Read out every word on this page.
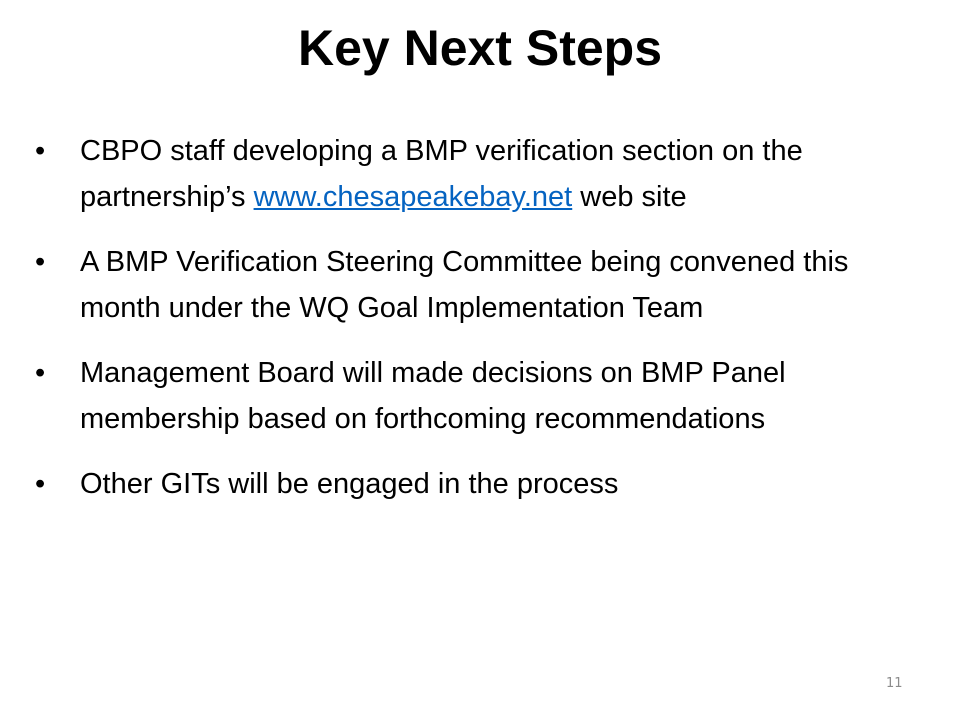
Key Next Steps
• CBPO staff developing a BMP verification section on the partnership’s www.chesapeakebay.net web site
• A BMP Verification Steering Committee being convened this month under the WQ Goal Implementation Team
• Management Board will made decisions on BMP Panel membership based on forthcoming recommendations
• Other GITs will be engaged in the process
11
